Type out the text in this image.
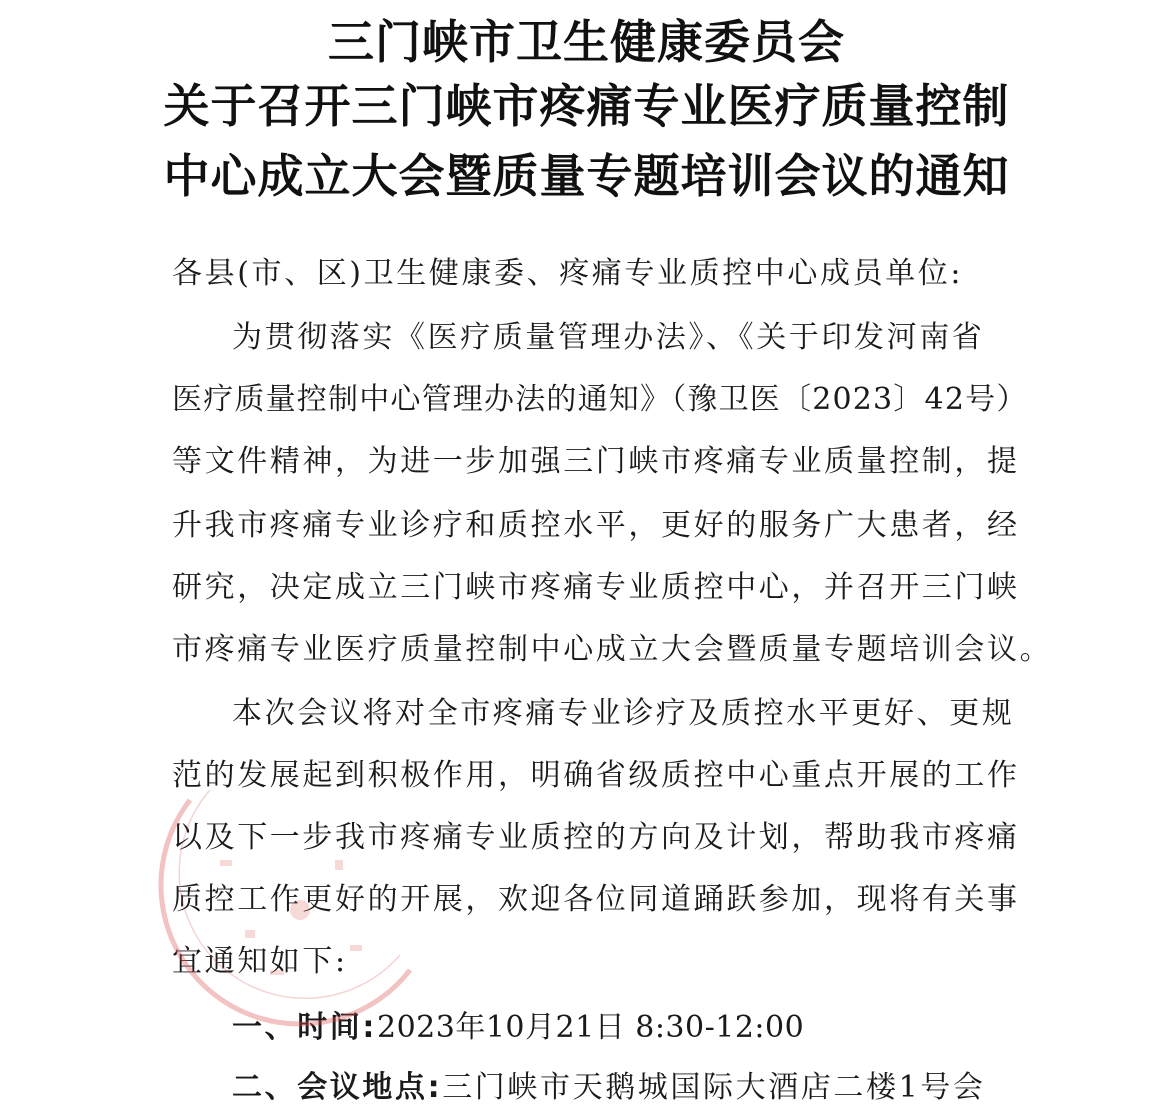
三门峡市卫生健康委员会
关于召开三门峡市疼痛专业医疗质量控制
中心成立大会暨质量专题培训会议的通知
各县(市、区)卫生健康委、疼痛专业质控中心成员单位:
为贯彻落实《医疗质量管理办法》、《关于印发河南省
医疗质量控制中心管理办法的通知》（豫卫医〔2023〕42号）
等文件精神，为进一步加强三门峡市疼痛专业质量控制，提
升我市疼痛专业诊疗和质控水平，更好的服务广大患者，经
研究，决定成立三门峡市疼痛专业质控中心，并召开三门峡
市疼痛专业医疗质量控制中心成立大会暨质量专题培训会议。
本次会议将对全市疼痛专业诊疗及质控水平更好、更规
范的发展起到积极作用，明确省级质控中心重点开展的工作
以及下一步我市疼痛专业质控的方向及计划，帮助我市疼痛
质控工作更好的开展，欢迎各位同道踊跃参加，现将有关事
宜通知如下:
一、时间:2023年10月21日 8:30-12:00
二、会议地点:三门峡市天鹅城国际大酒店二楼1号会
